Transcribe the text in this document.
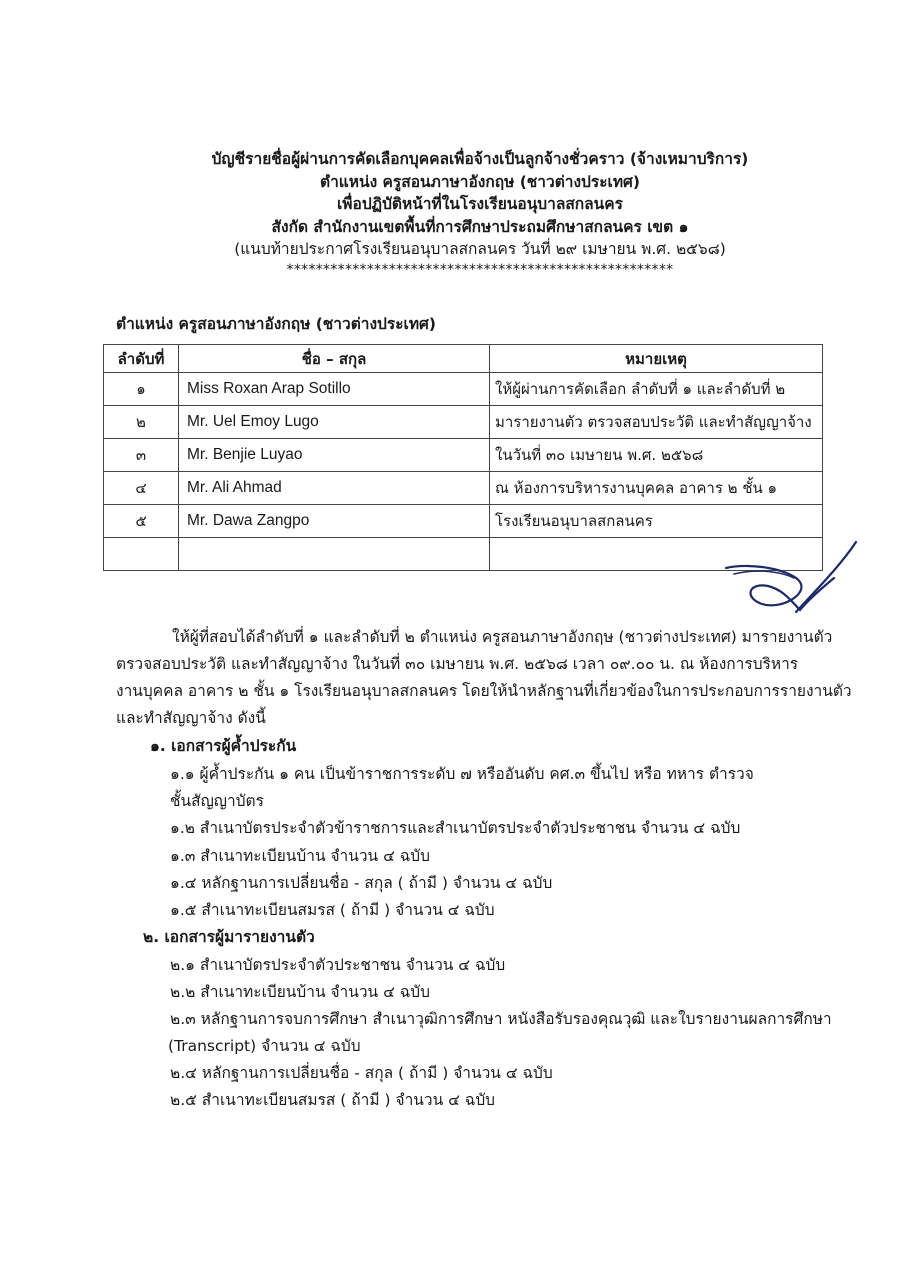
บัญชีรายชื่อผู้ผ่านการคัดเลือกบุคคลเพื่อจ้างเป็นลูกจ้างชั่วคราว (จ้างเหมาบริการ)
ตำแหน่ง ครูสอนภาษาอังกฤษ (ชาวต่างประเทศ)
เพื่อปฏิบัติหน้าที่ในโรงเรียนอนุบาลสกลนคร
สังกัด สำนักงานเขตพื้นที่การศึกษาประถมศึกษาสกลนคร เขต ๑
(แนบท้ายประกาศโรงเรียนอนุบาลสกลนคร วันที่ ๒๙ เมษายน พ.ศ. ๒๕๖๘)
*****************************************************
ตำแหน่ง ครูสอนภาษาอังกฤษ (ชาวต่างประเทศ)
ลำดับที่	ชื่อ – สกุล	หมายเหตุ
๑	Miss Roxan Arap Sotillo	ให้ผู้ผ่านการคัดเลือก ลำดับที่ ๑ และลำดับที่ ๒
๒	Mr. Uel Emoy Lugo	มารายงานตัว ตรวจสอบประวัติ และทำสัญญาจ้าง
๓	Mr. Benjie Luyao	ในวันที่ ๓๐ เมษายน พ.ศ. ๒๕๖๘
๔	Mr. Ali Ahmad	ณ ห้องการบริหารงานบุคคล อาคาร ๒ ชั้น ๑
๕	Mr. Dawa Zangpo	โรงเรียนอนุบาลสกลนคร

ให้ผู้ที่สอบได้ลำดับที่ ๑ และลำดับที่ ๒ ตำแหน่ง ครูสอนภาษาอังกฤษ (ชาวต่างประเทศ) มารายงานตัว
ตรวจสอบประวัติ และทำสัญญาจ้าง ในวันที่ ๓๐ เมษายน พ.ศ. ๒๕๖๘ เวลา ๐๙.๐๐ น. ณ ห้องการบริหาร
งานบุคคล อาคาร ๒ ชั้น ๑ โรงเรียนอนุบาลสกลนคร โดยให้นำหลักฐานที่เกี่ยวข้องในการประกอบการรายงานตัว
และทำสัญญาจ้าง ดังนี้
๑. เอกสารผู้ค้ำประกัน
๑.๑ ผู้ค้ำประกัน ๑ คน เป็นข้าราชการระดับ ๗ หรืออันดับ คศ.๓ ขึ้นไป หรือ ทหาร ตำรวจ
ชั้นสัญญาบัตร
๑.๒ สำเนาบัตรประจำตัวข้าราชการและสำเนาบัตรประจำตัวประชาชน จำนวน ๔ ฉบับ
๑.๓ สำเนาทะเบียนบ้าน จำนวน ๔ ฉบับ
๑.๔ หลักฐานการเปลี่ยนชื่อ - สกุล ( ถ้ามี ) จำนวน ๔ ฉบับ
๑.๕ สำเนาทะเบียนสมรส ( ถ้ามี ) จำนวน ๔ ฉบับ
๒. เอกสารผู้มารายงานตัว
๒.๑ สำเนาบัตรประจำตัวประชาชน จำนวน ๔ ฉบับ
๒.๒ สำเนาทะเบียนบ้าน จำนวน ๔ ฉบับ
๒.๓ หลักฐานการจบการศึกษา สำเนาวุฒิการศึกษา หนังสือรับรองคุณวุฒิ และใบรายงานผลการศึกษา
(Transcript) จำนวน ๔ ฉบับ
๒.๔ หลักฐานการเปลี่ยนชื่อ - สกุล ( ถ้ามี ) จำนวน ๔ ฉบับ
๒.๕ สำเนาทะเบียนสมรส ( ถ้ามี ) จำนวน ๔ ฉบับ
